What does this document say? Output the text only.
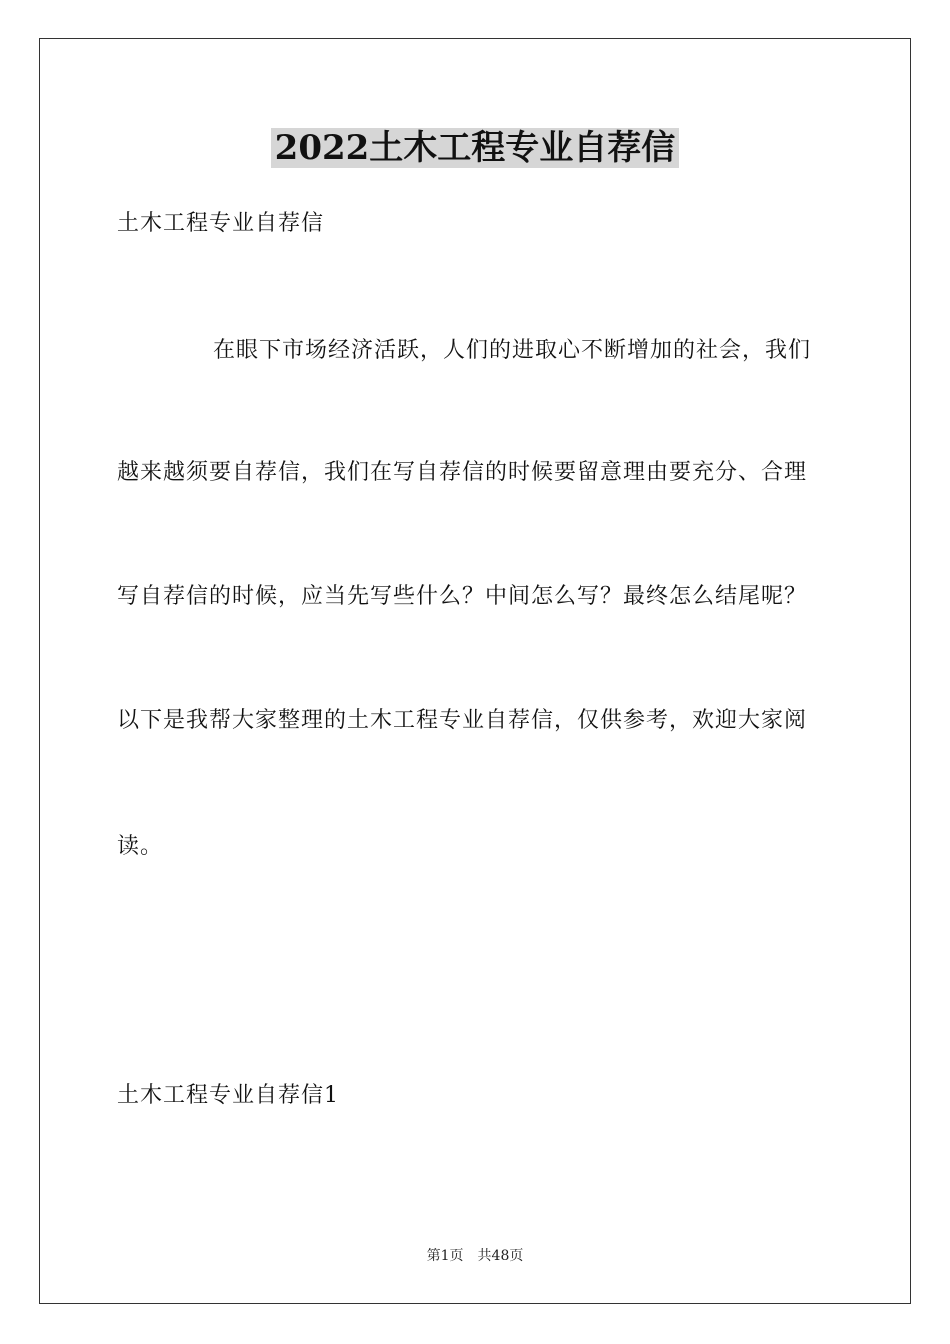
2022土木工程专业自荐信
土木工程专业自荐信
在眼下市场经济活跃，人们的进取心不断增加的社会，我们
越来越须要自荐信，我们在写自荐信的时候要留意理由要充分、合理
写自荐信的时候，应当先写些什么？中间怎么写？最终怎么结尾呢？
以下是我帮大家整理的土木工程专业自荐信，仅供参考，欢迎大家阅
读。
土木工程专业自荐信1
第1页 共48页
